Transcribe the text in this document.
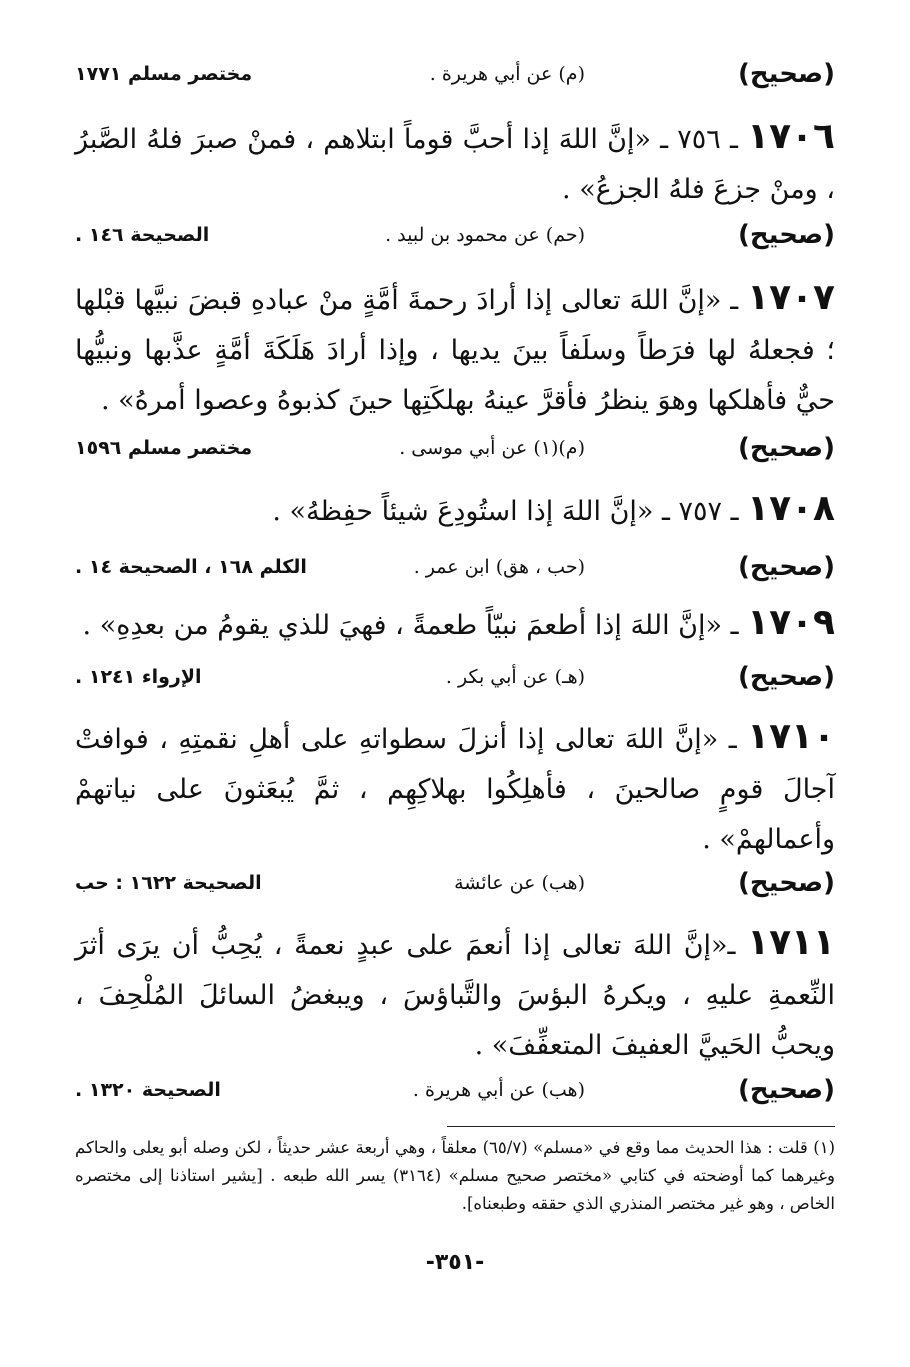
(صحيح)
(م) عن أبي هريرة .
مختصر مسلم ١٧٧١
١٧٠٦ ـ ٧٥٦ ـ «إنَّ اللهَ إذا أحبَّ قوماً ابتلاهم ، فمنْ صبرَ فلهُ الصَّبرُ ، ومنْ جزعَ فلهُ الجزعُ» .
(صحيح)
(حم) عن محمود بن لبيد .
الصحيحة ١٤٦ .
١٧٠٧ ـ «إنَّ اللهَ تعالى إذا أرادَ رحمةَ أمَّةٍ منْ عبادهِ قبضَ نبيَّها قبْلها ؛ فجعلهُ لها فرَطاً وسلَفاً بينَ يديها ، وإذا أرادَ هَلَكَةَ أمَّةٍ عذَّبها ونبيُّها حيٌّ فأهلكها وهوَ ينظرُ فأقرَّ عينهُ بهلكَتِها حينَ كذبوهُ وعصوا أمرهُ» .
(صحيح)
(م)(١) عن أبي موسى .
مختصر مسلم ١٥٩٦
١٧٠٨ ـ ٧٥٧ ـ «إنَّ اللهَ إذا استُودِعَ شيئاً حفِظهُ» .
(صحيح)
(حب ، هق) ابن عمر .
الكلم ١٦٨ ، الصحيحة ١٤ .
١٧٠٩ ـ «إنَّ اللهَ إذا أطعمَ نبيّاً طعمةً ، فهيَ للذي يقومُ من بعدِهِ» .
(صحيح)
(هـ) عن أبي بكر .
الإرواء ١٢٤١ .
١٧١٠ ـ «إنَّ اللهَ تعالى إذا أنزلَ سطواتهِ على أهلِ نقمتِهِ ، فوافتْ آجالَ قومٍ صالحينَ ، فأهلِكُوا بهلاكِهِم ، ثمَّ يُبعَثونَ على نياتهمْ وأعمالهمْ» .
(صحيح)
(هب) عن عائشة
الصحيحة ١٦٢٢ : حب
١٧١١ ـ«إنَّ اللهَ تعالى إذا أنعمَ على عبدٍ نعمةً ، يُحِبُّ أن يرَى أثرَ النِّعمةِ عليهِ ، ويكرهُ البؤسَ والتَّباؤسَ ، ويبغضُ السائلَ المُلْحِفَ ، ويحبُّ الحَييَّ العفيفَ المتعفِّفَ» .
(صحيح)
(هب) عن أبي هريرة .
الصحيحة ١٣٢٠ .
(١) قلت : هذا الحديث مما وقع في «مسلم» (٦٥/٧) معلقاً ، وهي أربعة عشر حديثاً ، لكن وصله أبو يعلى والحاكم وغيرهما كما أوضحته في كتابي «مختصر صحيح مسلم» (٣١٦٤) يسر الله طبعه . [يشير استاذنا إلى مختصره الخاص ، وهو غير مختصر المنذري الذي حققه وطبعناه].
-٣٥١-
